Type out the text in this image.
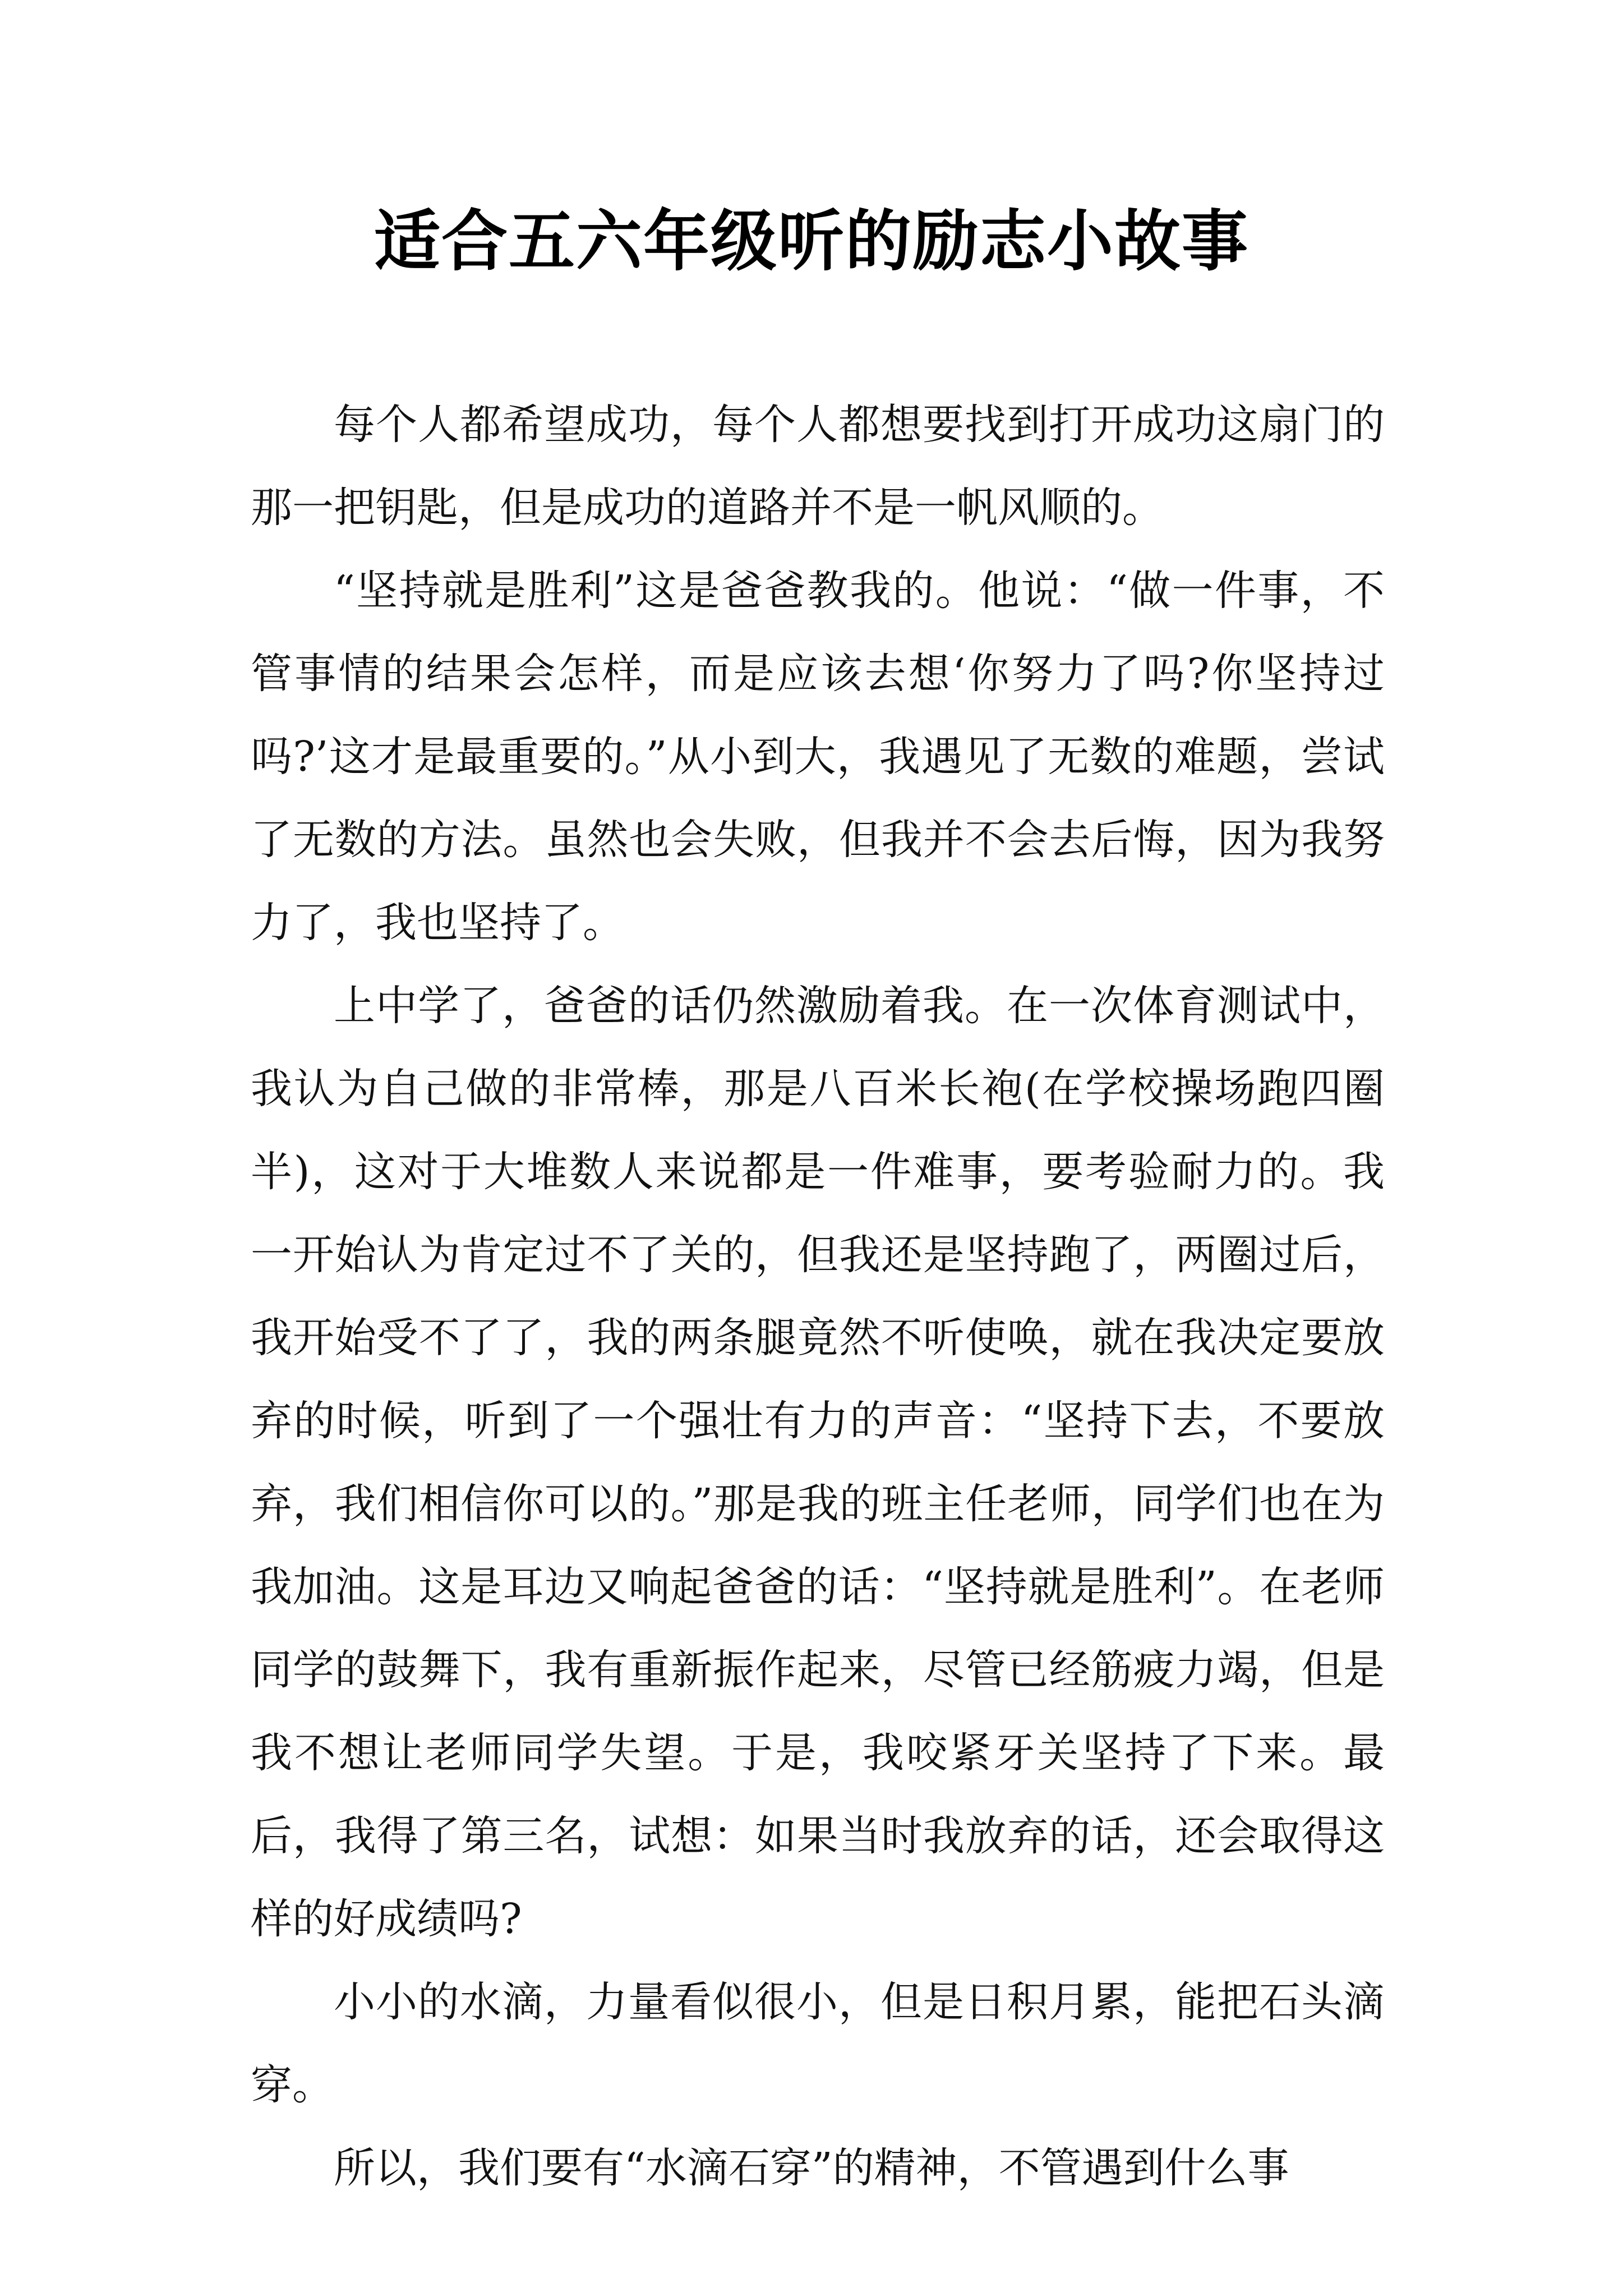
适合五六年级听的励志小故事

每个人都希望成功，每个人都想要找到打开成功这扇门的那一把钥匙，但是成功的道路并不是一帆风顺的。

“坚持就是胜利”这是爸爸教我的。他说：“做一件事，不管事情的结果会怎样，而是应该去想‘你努力了吗?你坚持过吗?’这才是最重要的。”从小到大，我遇见了无数的难题，尝试了无数的方法。虽然也会失败，但我并不会去后悔，因为我努力了，我也坚持了。

上中学了，爸爸的话仍然激励着我。在一次体育测试中，我认为自己做的非常棒，那是八百米长袍(在学校操场跑四圈半)，这对于大堆数人来说都是一件难事，要考验耐力的。我一开始认为肯定过不了关的，但我还是坚持跑了，两圈过后，我开始受不了了，我的两条腿竟然不听使唤，就在我决定要放弃的时候，听到了一个强壮有力的声音：“坚持下去，不要放弃，我们相信你可以的。”那是我的班主任老师，同学们也在为我加油。这是耳边又响起爸爸的话：“坚持就是胜利”。在老师同学的鼓舞下，我有重新振作起来，尽管已经筋疲力竭，但是我不想让老师同学失望。于是，我咬紧牙关坚持了下来。最后，我得了第三名，试想：如果当时我放弃的话，还会取得这样的好成绩吗?

小小的水滴，力量看似很小，但是日积月累，能把石头滴穿。

所以，我们要有“水滴石穿”的精神，不管遇到什么事
